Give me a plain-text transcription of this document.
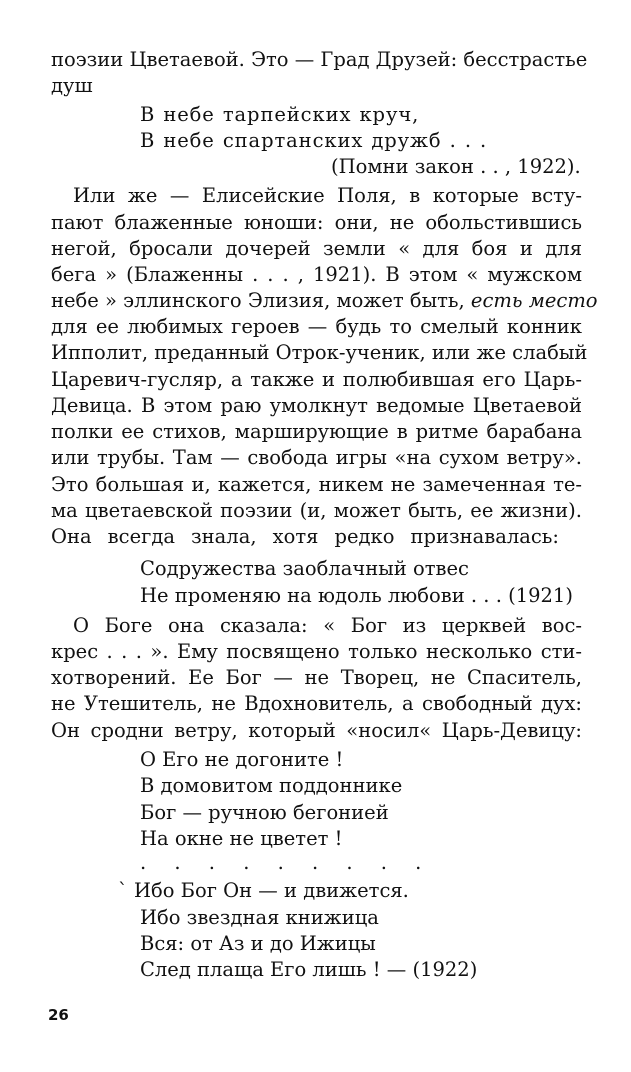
поэзии Цветаевой. Это — Град Друзей: бесстрастье
душ
В небе тарпейских круч,
В небе спартанских дружб . . .
(Помни закон . . , 1922).
Или же — Елисейские Поля, в которые всту-
пают блаженные юноши: они, не обольстившись
негой, бросали дочерей земли « для боя и для
бега » (Блаженны . . . , 1921). В этом « мужском
небе » эллинского Элизия, может быть, есть место
для ее любимых героев — будь то смелый конник
Ипполит, преданный Отрок-ученик, или же слабый
Царевич-гусляр, а также и полюбившая его Царь-
Девица. В этом раю умолкнут ведомые Цветаевой
полки ее стихов, марширующие в ритме барабана
или трубы. Там — свобода игры «на сухом ветру».
Это большая и, кажется, никем не замеченная те-
ма цветаевской поэзии (и, может быть, ее жизни).
Она всегда знала, хотя редко признавалась:
Содружества заоблачный отвес
Не променяю на юдоль любови . . . (1921)
О Боге она сказала: « Бог из церквей вос-
крес . . . ». Ему посвящено только несколько сти-
хотворений. Ее Бог — не Творец, не Спаситель,
не Утешитель, не Вдохновитель, а свободный дух:
Он сродни ветру, который «носил« Царь-Девицу:
О Его не догоните !
В домовитом поддоннике
Бог — ручною бегонией
На окне не цветет !
. . . . . . . . .
` Ибо Бог Он — и движется.
Ибо звездная книжица
Вся: от Аз и до Ижицы
След плаща Его лишь ! — (1922)
26
